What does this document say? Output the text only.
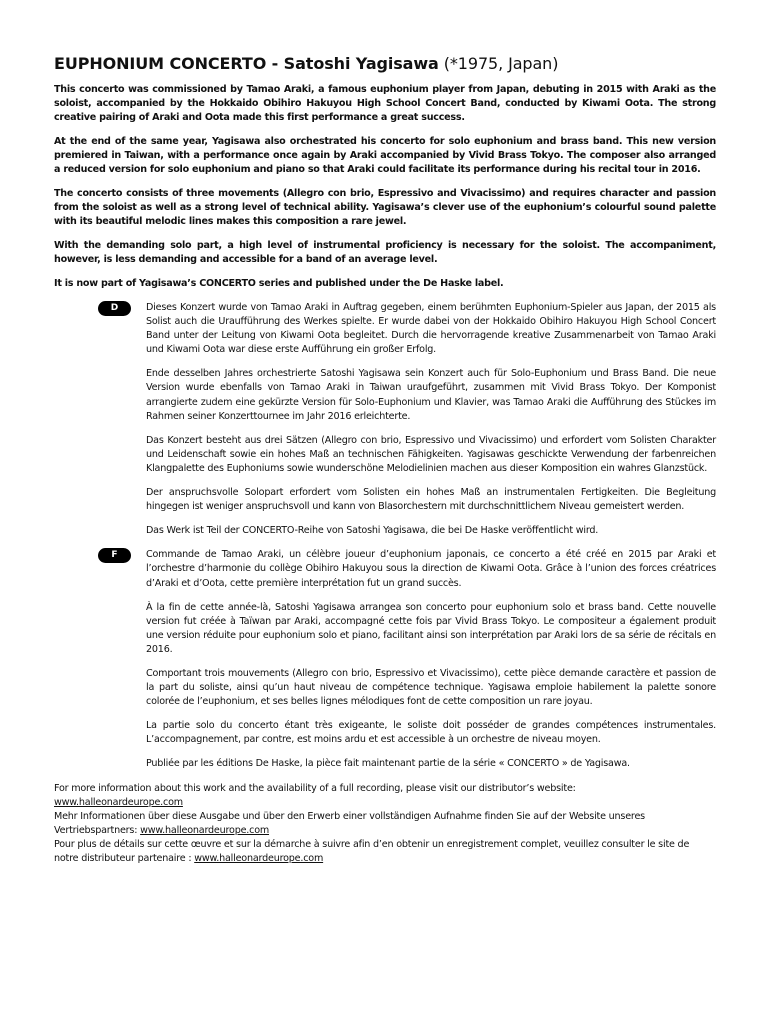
EUPHONIUM CONCERTO - Satoshi Yagisawa (*1975, Japan)

This concerto was commissioned by Tamao Araki, a famous euphonium player from Japan, debuting in 2015 with Araki as the soloist, accompanied by the Hokkaido Obihiro Hakuyou High School Concert Band, conducted by Kiwami Oota. The strong creative pairing of Araki and Oota made this first performance a great success.

At the end of the same year, Yagisawa also orchestrated his concerto for solo euphonium and brass band. This new version premiered in Taiwan, with a performance once again by Araki accompanied by Vivid Brass Tokyo. The composer also arranged a reduced version for solo euphonium and piano so that Araki could facilitate its performance during his recital tour in 2016.

The concerto consists of three movements (Allegro con brio, Espressivo and Vivacissimo) and requires character and passion from the soloist as well as a strong level of technical ability. Yagisawa’s clever use of the euphonium’s colourful sound palette with its beautiful melodic lines makes this composition a rare jewel.

With the demanding solo part, a high level of instrumental proficiency is necessary for the soloist. The accompaniment, however, is less demanding and accessible for a band of an average level.

It is now part of Yagisawa’s CONCERTO series and published under the De Haske label.

D	Dieses Konzert wurde von Tamao Araki in Auftrag gegeben, einem berühmten Euphonium-Spieler aus Japan, der 2015 als Solist auch die Uraufführung des Werkes spielte. Er wurde dabei von der Hokkaido Obihiro Hakuyou High School Concert Band unter der Leitung von Kiwami Oota begleitet. Durch die hervorragende kreative Zusammenarbeit von Tamao Araki und Kiwami Oota war diese erste Aufführung ein großer Erfolg.

Ende desselben Jahres orchestrierte Satoshi Yagisawa sein Konzert auch für Solo-Euphonium und Brass Band. Die neue Version wurde ebenfalls von Tamao Araki in Taiwan uraufgeführt, zusammen mit Vivid Brass Tokyo. Der Komponist arrangierte zudem eine gekürzte Version für Solo-Euphonium und Klavier, was Tamao Araki die Aufführung des Stückes im Rahmen seiner Konzerttournee im Jahr 2016 erleichterte.

Das Konzert besteht aus drei Sätzen (Allegro con brio, Espressivo und Vivacissimo) und erfordert vom Solisten Charakter und Leidenschaft sowie ein hohes Maß an technischen Fähigkeiten. Yagisawas geschickte Verwendung der farbenreichen Klangpalette des Euphoniums sowie wunderschöne Melodielinien machen aus dieser Komposition ein wahres Glanzstück.

Der anspruchsvolle Solopart erfordert vom Solisten ein hohes Maß an instrumentalen Fertigkeiten. Die Begleitung hingegen ist weniger anspruchsvoll und kann von Blasorchestern mit durchschnittlichem Niveau gemeistert werden.

Das Werk ist Teil der CONCERTO-Reihe von Satoshi Yagisawa, die bei De Haske veröffentlicht wird.

F	Commande de Tamao Araki, un célèbre joueur d’euphonium japonais, ce concerto a été créé en 2015 par Araki et l’orchestre d’harmonie du collège Obihiro Hakuyou sous la direction de Kiwami Oota. Grâce à l’union des forces créatrices d’Araki et d’Oota, cette première interprétation fut un grand succès.

À la fin de cette année-là, Satoshi Yagisawa arrangea son concerto pour euphonium solo et brass band. Cette nouvelle version fut créée à Taïwan par Araki, accompagné cette fois par Vivid Brass Tokyo. Le compositeur a également produit une version réduite pour euphonium solo et piano, facilitant ainsi son interprétation par Araki lors de sa série de récitals en 2016.

Comportant trois mouvements (Allegro con brio, Espressivo et Vivacissimo), cette pièce demande caractère et passion de la part du soliste, ainsi qu’un haut niveau de compétence technique. Yagisawa emploie habilement la palette sonore colorée de l’euphonium, et ses belles lignes mélodiques font de cette composition un rare joyau.

La partie solo du concerto étant très exigeante, le soliste doit posséder de grandes compétences instrumentales. L’accompagnement, par contre, est moins ardu et est accessible à un orchestre de niveau moyen.

Publiée par les éditions De Haske, la pièce fait maintenant partie de la série « CONCERTO » de Yagisawa.

For more information about this work and the availability of a full recording, please visit our distributor’s website:
www.halleonardeurope.com
Mehr Informationen über diese Ausgabe und über den Erwerb einer vollständigen Aufnahme finden Sie auf der Website unseres Vertriebspartners: www.halleonardeurope.com
Pour plus de détails sur cette œuvre et sur la démarche à suivre afin d’en obtenir un enregistrement complet, veuillez consulter le site de notre distributeur partenaire : www.halleonardeurope.com
